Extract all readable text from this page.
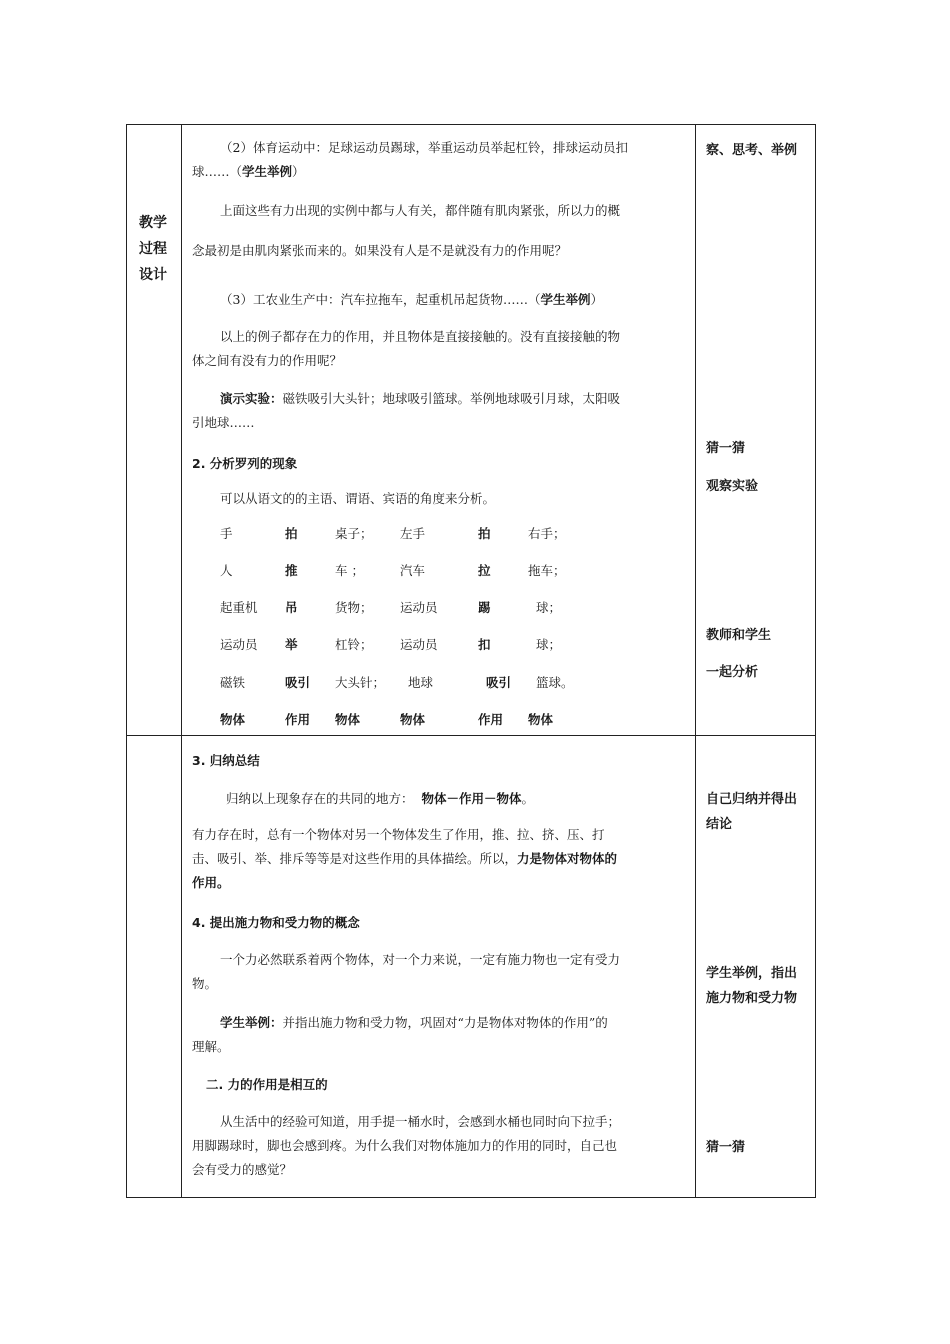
教学
过程
设计
（2）体育运动中：足球运动员踢球，举重运动员举起杠铃，排球运动员扣
球……（学生举例）
上面这些有力出现的实例中都与人有关，都伴随有肌肉紧张，所以力的概
念最初是由肌肉紧张而来的。如果没有人是不是就没有力的作用呢？
（3）工农业生产中：汽车拉拖车，起重机吊起货物……（学生举例）
以上的例子都存在力的作用，并且物体是直接接触的。没有直接接触的物
体之间有没有力的作用呢？
演示实验：磁铁吸引大头针；地球吸引篮球。举例地球吸引月球，太阳吸
引地球……
2. 分析罗列的现象
可以从语文的的主语、谓语、宾语的角度来分析。
手	拍	桌子； 左手	拍	右手；
人	推	车 ；	汽车	拉	拖车；
起重机 吊	货物； 运动员	踢	球；
运动员 举	杠铃； 运动员	扣	球；
磁铁	吸引 大头针； 地球	吸引 篮球。
物体	作用 物体	物体	作用 物体
察、思考、举例
猜一猜
观察实验
教师和学生
一起分析
3. 归纳总结
归纳以上现象存在的共同的地方： 物体－作用－物体。
有力存在时，总有一个物体对另一个物体发生了作用，推、拉、挤、压、打
击、吸引、举、排斥等等是对这些作用的具体描绘。所以，力是物体对物体的
作用。
4. 提出施力物和受力物的概念
一个力必然联系着两个物体，对一个力来说，一定有施力物也一定有受力
物。
学生举例：并指出施力物和受力物，巩固对“力是物体对物体的作用”的
理解。
二. 力的作用是相互的
从生活中的经验可知道，用手提一桶水时，会感到水桶也同时向下拉手；
用脚踢球时，脚也会感到疼。为什么我们对物体施加力的作用的同时，自己也
会有受力的感觉？
自己归纳并得出
结论
学生举例，指出
施力物和受力物
猜一猜
